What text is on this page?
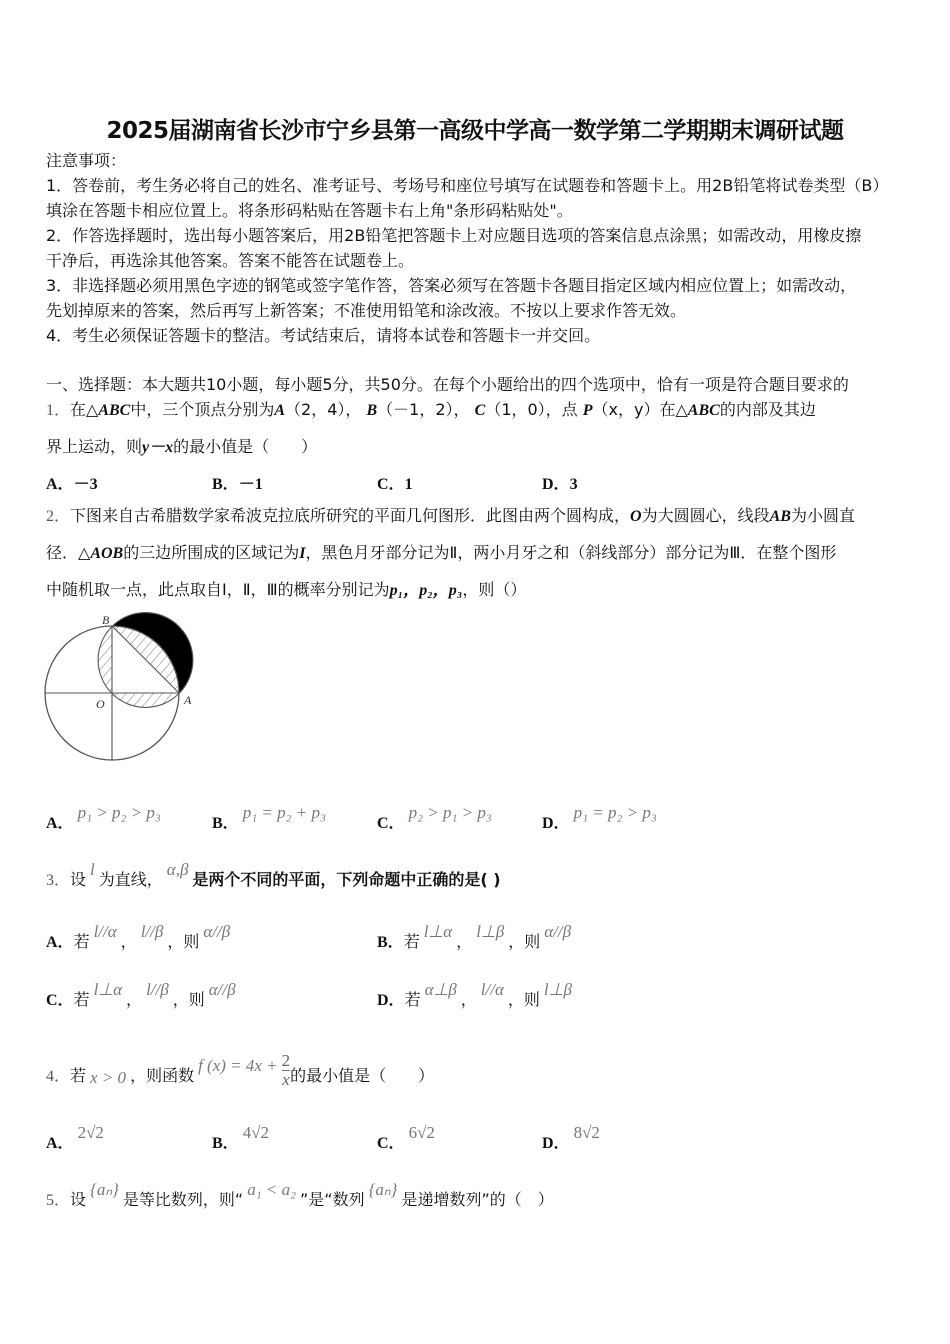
2025届湖南省长沙市宁乡县第一高级中学高一数学第二学期期末调研试题
注意事项：
1．答卷前，考生务必将自己的姓名、准考证号、考场号和座位号填写在试题卷和答题卡上。用2B铅笔将试卷类型（B）
填涂在答题卡相应位置上。将条形码粘贴在答题卡右上角"条形码粘贴处"。
2．作答选择题时，选出每小题答案后，用2B铅笔把答题卡上对应题目选项的答案信息点涂黑；如需改动，用橡皮擦
干净后，再选涂其他答案。答案不能答在试题卷上。
3．非选择题必须用黑色字迹的钢笔或签字笔作答，答案必须写在答题卡各题目指定区域内相应位置上；如需改动，
先划掉原来的答案，然后再写上新答案；不准使用铅笔和涂改液。不按以上要求作答无效。
4．考生必须保证答题卡的整洁。考试结束后，请将本试卷和答题卡一并交回。
一、选择题：本大题共10小题，每小题5分，共50分。在每个小题给出的四个选项中，恰有一项是符合题目要求的
1．在△ABC中，三个顶点分别为A（2，4）， B（－1，2）， C（1，0），点 P（x，y）在△ABC的内部及其边
界上运动，则y－x的最小值是（　　）
A．－3	B．－1	C．1	D．3
2．下图来自古希腊数学家希波克拉底所研究的平面几何图形．此图由两个圆构成，O为大圆圆心，线段AB为小圆直
径．△AOB的三边所围成的区域记为I，黑色月牙部分记为Ⅱ，两小月牙之和（斜线部分）部分记为Ⅲ．在整个图形
中随机取一点，此点取自Ⅰ，Ⅱ，Ⅲ的概率分别记为p₁，p₂，p₃，则（）
B
O	A
A．p₁ > p₂ > p₃
B．p₁ = p₂ + p₃
C．p₂ > p₁ > p₃
D．p₁ = p₂ > p₃
3．设l为直线，α,β是两个不同的平面，下列命题中正确的是( )
A．若l//α，l//β，则α//β
B．若l⊥α，l⊥β，则α//β
C．若l⊥α，l//β，则α//β
D．若α⊥β，l//α，则l⊥β
4．若 x > 0 ，则函数f $(x) = 4x + \frac{2}{x}$ 的最小值是（　　）
A．2√2
B．4√2
C．6√2
D．8√2
5．设{aₙ}是等比数列，则“a₁ < a₂”是“数列{aₙ}是递增数列”的（　）
